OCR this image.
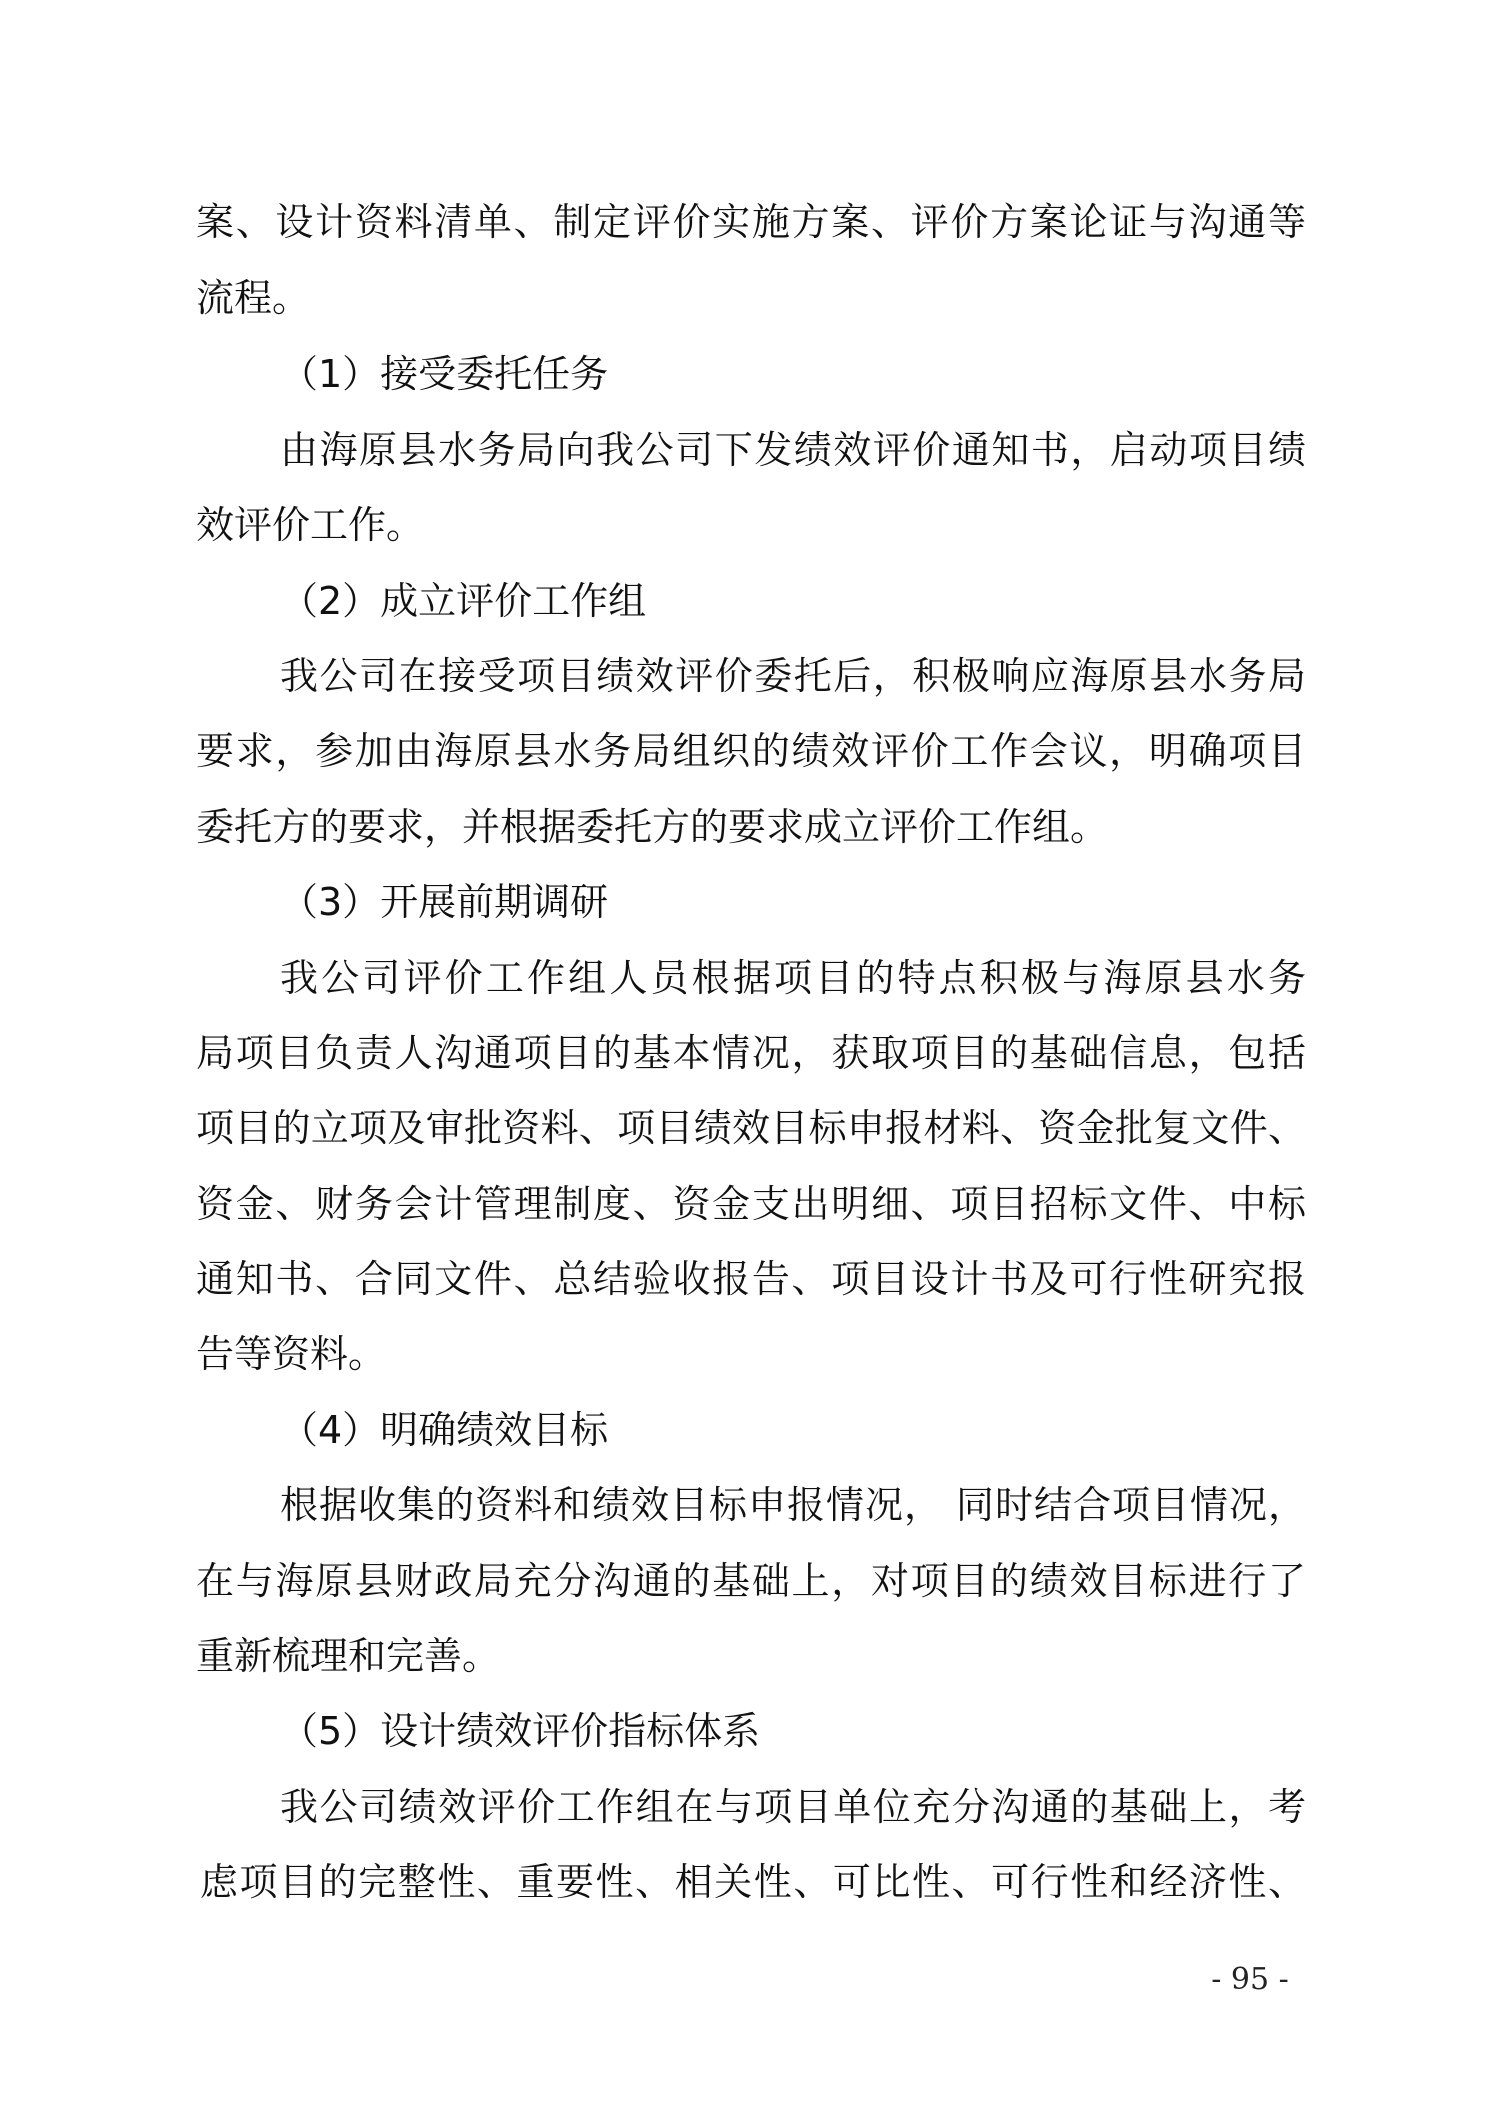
案、设计资料清单、制定评价实施方案、评价方案论证与沟通等
流程。
（1）接受委托任务
由海原县水务局向我公司下发绩效评价通知书，启动项目绩
效评价工作。
（2）成立评价工作组
我公司在接受项目绩效评价委托后，积极响应海原县水务局
要求，参加由海原县水务局组织的绩效评价工作会议，明确项目
委托方的要求，并根据委托方的要求成立评价工作组。
（3）开展前期调研
我公司评价工作组人员根据项目的特点积极与海原县水务
局项目负责人沟通项目的基本情况，获取项目的基础信息，包括
项目的立项及审批资料、项目绩效目标申报材料、资金批复文件、
资金、财务会计管理制度、资金支出明细、项目招标文件、中标
通知书、合同文件、总结验收报告、项目设计书及可行性研究报
告等资料。
（4）明确绩效目标
根据收集的资料和绩效目标申报情况， 同时结合项目情况，
在与海原县财政局充分沟通的基础上，对项目的绩效目标进行了
重新梳理和完善。
（5）设计绩效评价指标体系
我公司绩效评价工作组在与项目单位充分沟通的基础上，考
虑项目的完整性、重要性、相关性、可比性、可行性和经济性、
- 95 -
